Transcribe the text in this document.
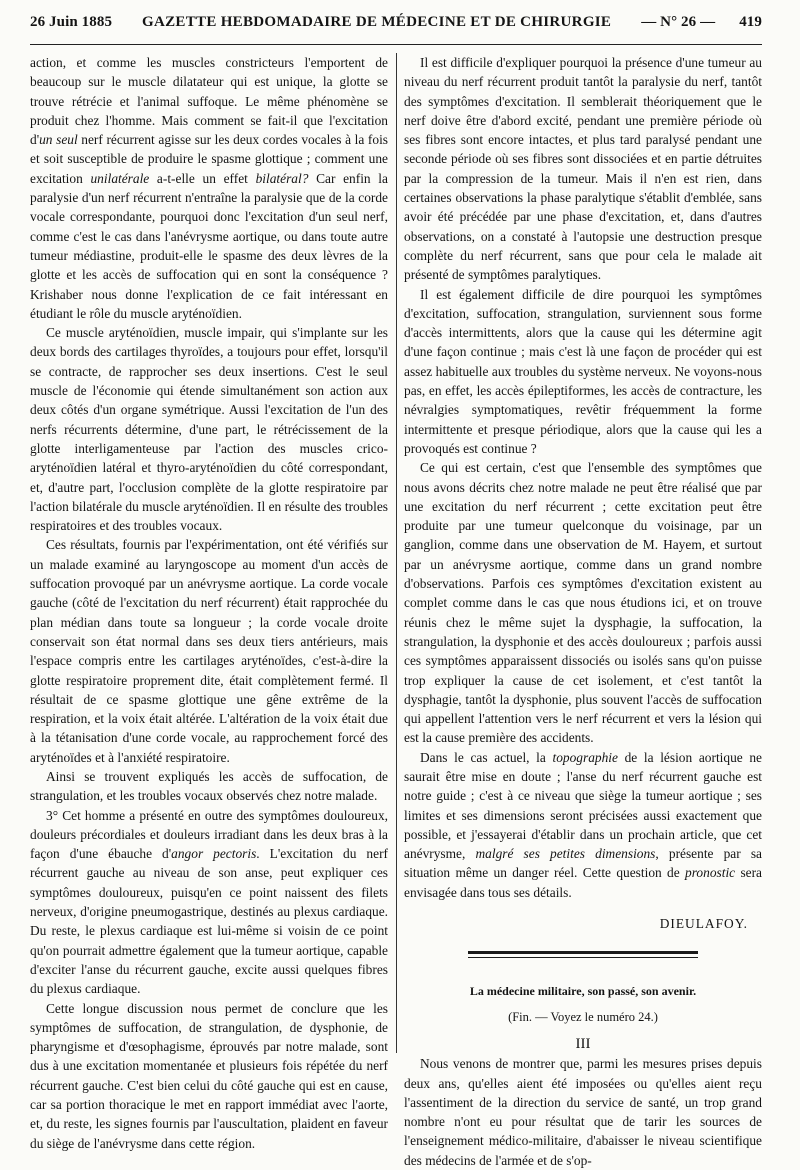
26 Juin 1885 GAZETTE HEBDOMADAIRE DE MÉDECINE ET DE CHIRURGIE — N° 26 — 419

action, et comme les muscles constricteurs l'emportent de beaucoup sur le muscle dilatateur qui est unique, la glotte se trouve rétrécie et l'animal suffoque. Le même phénomène se produit chez l'homme. Mais comment se fait-il que l'excitation d'un seul nerf récurrent agisse sur les deux cordes vocales à la fois et soit susceptible de produire le spasme glottique ; comment une excitation unilatérale a-t-elle un effet bilatéral? Car enfin la paralysie d'un nerf récurrent n'entraîne la paralysie que de la corde vocale correspondante, pourquoi donc l'excitation d'un seul nerf, comme c'est le cas dans l'anévrysme aortique, ou dans toute autre tumeur médiastine, produit-elle le spasme des deux lèvres de la glotte et les accès de suffocation qui en sont la conséquence ? Krishaber nous donne l'explication de ce fait intéressant en étudiant le rôle du muscle aryténoïdien.

Ce muscle aryténoïdien, muscle impair, qui s'implante sur les deux bords des cartilages thyroïdes, a toujours pour effet, lorsqu'il se contracte, de rapprocher ses deux insertions. C'est le seul muscle de l'économie qui étende simultanément son action aux deux côtés d'un organe symétrique. Aussi l'excitation de l'un des nerfs récurrents détermine, d'une part, le rétrécissement de la glotte interligamenteuse par l'action des muscles crico-aryténoïdien latéral et thyro-aryténoïdien du côté correspondant, et, d'autre part, l'occlusion complète de la glotte respiratoire par l'action bilatérale du muscle aryténoïdien. Il en résulte des troubles respiratoires et des troubles vocaux.

Ces résultats, fournis par l'expérimentation, ont été vérifiés sur un malade examiné au laryngoscope au moment d'un accès de suffocation provoqué par un anévrysme aortique. La corde vocale gauche (côté de l'excitation du nerf récurrent) était rapprochée du plan médian dans toute sa longueur ; la corde vocale droite conservait son état normal dans ses deux tiers antérieurs, mais l'espace compris entre les cartilages aryténoïdes, c'est-à-dire la glotte respiratoire proprement dite, était complètement fermé. Il résultait de ce spasme glottique une gêne extrême de la respiration, et la voix était altérée. L'altération de la voix était due à la tétanisation d'une corde vocale, au rapprochement forcé des aryténoïdes et à l'anxiété respiratoire.

Ainsi se trouvent expliqués les accès de suffocation, de strangulation, et les troubles vocaux observés chez notre malade.

3° Cet homme a présenté en outre des symptômes douloureux, douleurs précordiales et douleurs irradiant dans les deux bras à la façon d'une ébauche d'angor pectoris. L'excitation du nerf récurrent gauche au niveau de son anse, peut expliquer ces symptômes douloureux, puisqu'en ce point naissent des filets nerveux, d'origine pneumogastrique, destinés au plexus cardiaque. Du reste, le plexus cardiaque est lui-même si voisin de ce point qu'on pourrait admettre également que la tumeur aortique, capable d'exciter l'anse du récurrent gauche, excite aussi quelques fibres du plexus cardiaque.

Cette longue discussion nous permet de conclure que les symptômes de suffocation, de strangulation, de dysphonie, de pharyngisme et d'œsophagisme, éprouvés par notre malade, sont dus à une excitation momentanée et plusieurs fois répétée du nerf récurrent gauche. C'est bien celui du côté gauche qui est en cause, car sa portion thoracique le met en rapport immédiat avec l'aorte, et, du reste, les signes fournis par l'auscultation, plaident en faveur du siège de l'anévrysme dans cette région.

Il est difficile d'expliquer pourquoi la présence d'une tumeur au niveau du nerf récurrent produit tantôt la paralysie du nerf, tantôt des symptômes d'excitation. Il semblerait théoriquement que le nerf doive être d'abord excité, pendant une première période où ses fibres sont encore intactes, et plus tard paralysé pendant une seconde période où ses fibres sont dissociées et en partie détruites par la compression de la tumeur. Mais il n'en est rien, dans certaines observations la phase paralytique s'établit d'emblée, sans avoir été précédée par une phase d'excitation, et, dans d'autres observations, on a constaté à l'autopsie une destruction presque complète du nerf récurrent, sans que pour cela le malade ait présenté de symptômes paralytiques.

Il est également difficile de dire pourquoi les symptômes d'excitation, suffocation, strangulation, surviennent sous forme d'accès intermittents, alors que la cause qui les détermine agit d'une façon continue ; mais c'est là une façon de procéder qui est assez habituelle aux troubles du système nerveux. Ne voyons-nous pas, en effet, les accès épileptiformes, les accès de contracture, les névralgies symptomatiques, revêtir fréquemment la forme intermittente et presque périodique, alors que la cause qui les a provoqués est continue ?

Ce qui est certain, c'est que l'ensemble des symptômes que nous avons décrits chez notre malade ne peut être réalisé que par une excitation du nerf récurrent ; cette excitation peut être produite par une tumeur quelconque du voisinage, par un ganglion, comme dans une observation de M. Hayem, et surtout par un anévrysme aortique, comme dans un grand nombre d'observations. Parfois ces symptômes d'excitation existent au complet comme dans le cas que nous étudions ici, et on trouve réunis chez le même sujet la dysphagie, la suffocation, la strangulation, la dysphonie et des accès douloureux ; parfois aussi ces symptômes apparaissent dissociés ou isolés sans qu'on puisse trop expliquer la cause de cet isolement, et c'est tantôt la dysphagie, tantôt la dysphonie, plus souvent l'accès de suffocation qui appellent l'attention vers le nerf récurrent et vers la lésion qui est la cause première des accidents.

Dans le cas actuel, la topographie de la lésion aortique ne saurait être mise en doute ; l'anse du nerf récurrent gauche est notre guide ; c'est à ce niveau que siège la tumeur aortique ; ses limites et ses dimensions seront précisées aussi exactement que possible, et j'essayerai d'établir dans un prochain article, que cet anévrysme, malgré ses petites dimensions, présente par sa situation même un danger réel. Cette question de pronostic sera envisagée dans tous ses détails.

DIEULAFOY.

La médecine militaire, son passé, son avenir.

(Fin. — Voyez le numéro 24.)

III

Nous venons de montrer que, parmi les mesures prises depuis deux ans, qu'elles aient été imposées ou qu'elles aient reçu l'assentiment de la direction du service de santé, un trop grand nombre n'ont eu pour résultat que de tarir les sources de l'enseignement médico-militaire, d'abaisser le niveau scientifique des médecins de l'armée et de s'op-
